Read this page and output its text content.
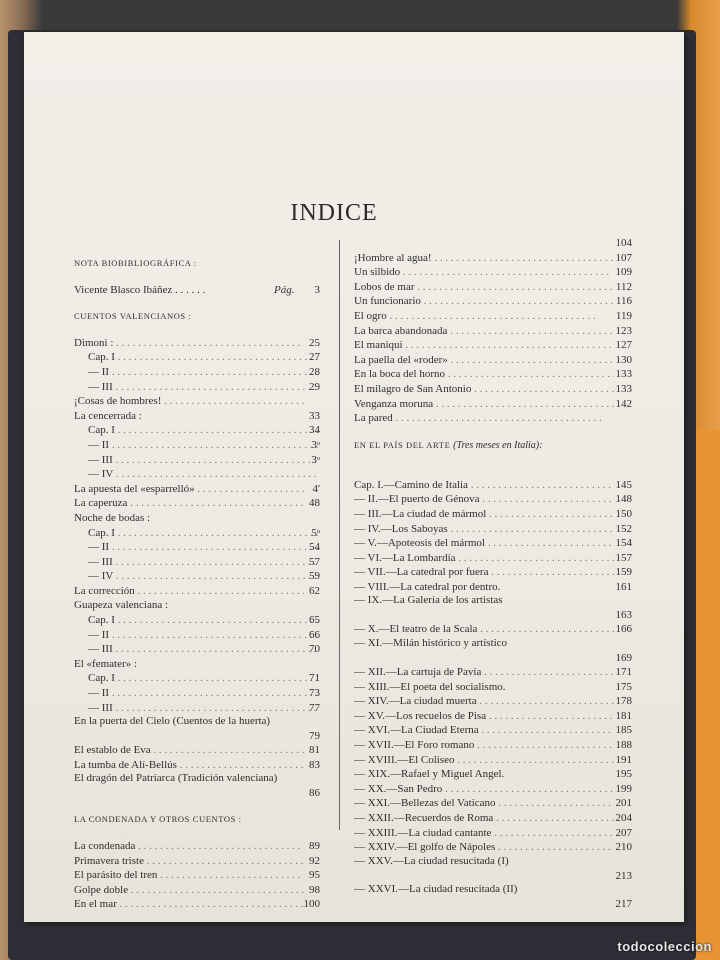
INDICE
NOTA BIOBIBLIOGRÁFICA :
Vicente Blasco Ibáñez . . . . . .	Pág. 3
CUENTOS VALENCIANOS :
Dimoni : . . .	25
Cap. I . . .	27
— II . . .	28
— III . . .	29
¡Cosas de hombres! . . .
La cencerrada :	33
Cap. I . . .	34
— II . . .	3ᵒ
— III . . .	3ᵒ
— IV . . .
La apuesta del «esparrelló» . . .	4'
La caperuza . . .	48
Noche de bodas :
Cap. I . . .	5ᵒ
— II . . .	54
— III . . .	57
— IV . . .	59
La corrección . . .	62
Guapeza valenciana :
Cap. I . . .	65
— II . . .	66
— III . . .	70
El «femater» :
Cap. I . . .	71
— II . . .	73
— III . . .	77
En la puerta del Cielo (Cuentos de la huerta)
79
El establo de Eva . . .	81
La tumba de Alí-Bellús . . .	83
El dragón del Patriarca (Tradición valenciana)
86
LA CONDENADA Y OTROS CUENTOS :
La condenada . . .	89
Primavera triste . . .	92
El parásito del tren . . .	95
Golpe doble . . .	98
En el mar . . .	100
104
¡Hombre al agua! . . .	107
Un silbido . . .	109
Lobos de mar . . .	112
Un funcionario . . .	116
El ogro . . .	119
La barca abandonada . . .	123
El maniquí . . .	127
La paella del «roder» . . .	130
En la boca del horno . . .	133
El milagro de San Antonio . . .	133
Venganza moruna . . .	142
La pared . . .
EN EL PAÍS DEL ARTE (Tres meses en Italia):
Cap. I.—Camino de Italia . . .	145
— II.—El puerto de Génova . . .	148
— III.—La ciudad de mármol . . .	150
— IV.—Los Saboyas . . .	152
— V.—Apoteosis del mármol . . .	154
— VI.—La Lombardía . . .	157
— VII.—La catedral por fuera . . .	159
— VIII.—La catedral por dentro.	161
— IX.—La Galería de los artistas
163
— X.—El teatro de la Scala . . .	166
— XI.—Milán histórico y artístico
169
— XII.—La cartuja de Pavía . . .	171
— XIII.—El poeta del socialismo.	175
— XIV.—La ciudad muerta . . .	178
— XV.—Los recuelos de Pisa . . .	181
— XVI.—La Ciudad Eterna . . .	185
— XVII.—El Foro romano . . .	188
— XVIII.—El Coliseo . . .	191
— XIX.—Rafael y Miguel Angel.	195
— XX.—San Pedro . . .	199
— XXI.—Bellezas del Vaticano . . .	201
— XXII.—Recuerdos de Roma . . .	204
— XXIII.—La ciudad cantante . . .	207
— XXIV.—El golfo de Nápoles . . .	210
— XXV.—La ciudad resucitada (I)
213
— XXVI.—La ciudad resucitada (II)
217
todocoleccion
